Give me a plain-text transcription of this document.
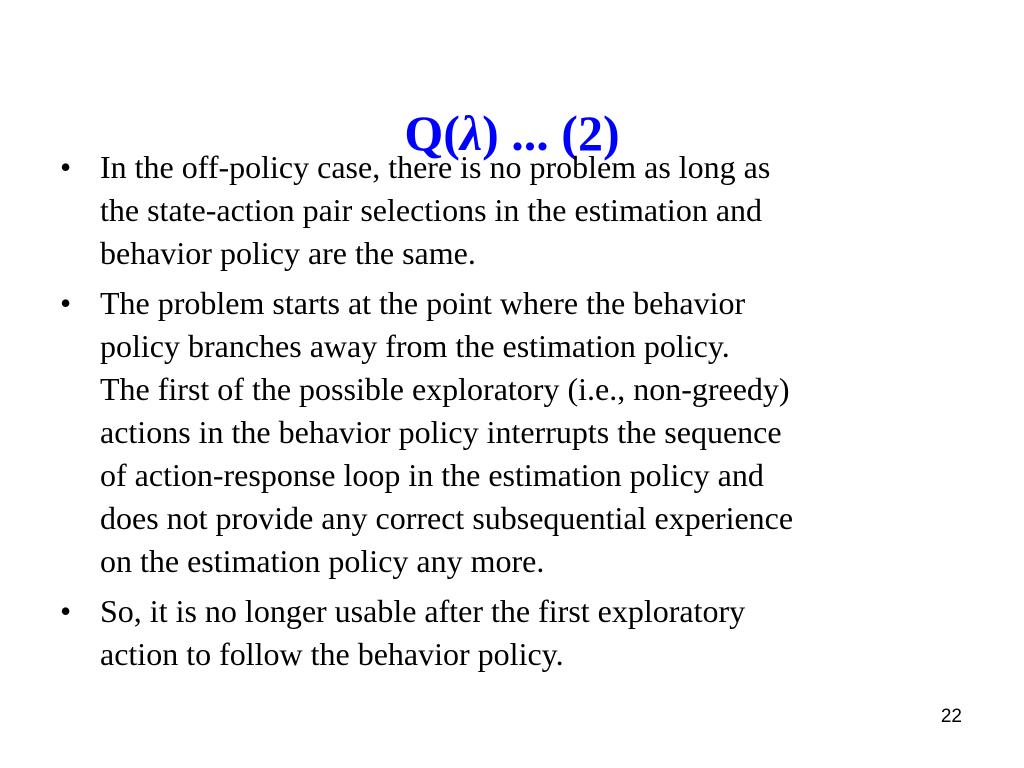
Q(λ) ... (2)
• In the off-policy case, there is no problem as long as
the state-action pair selections in the estimation and
behavior policy are the same.
• The problem starts at the point where the behavior
policy branches away from the estimation policy.
The first of the possible exploratory (i.e., non-greedy)
actions in the behavior policy interrupts the sequence
of action-response loop in the estimation policy and
does not provide any correct subsequential experience
on the estimation policy any more.
• So, it is no longer usable after the first exploratory
action to follow the behavior policy.
22
